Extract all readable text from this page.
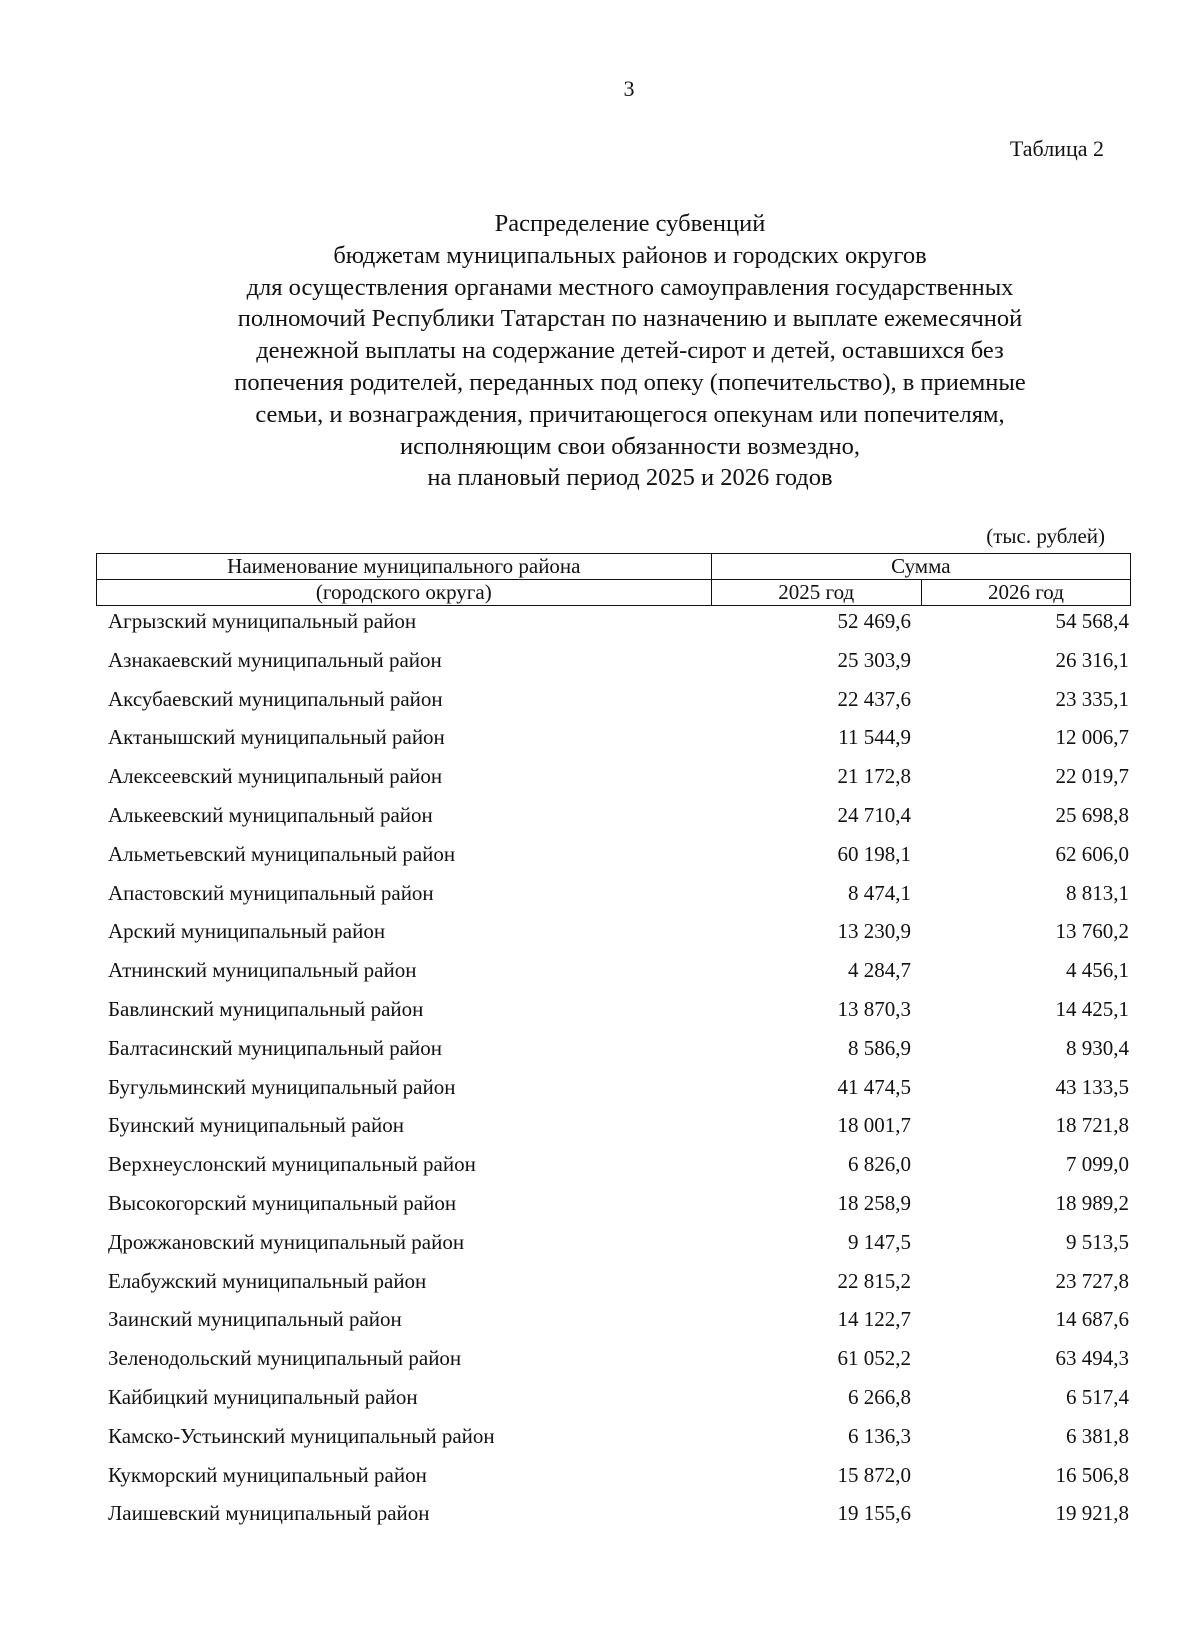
3
Таблица 2
Распределение субвенций
бюджетам муниципальных районов и городских округов
для осуществления органами местного самоуправления государственных
полномочий Республики Татарстан по назначению и выплате ежемесячной
денежной выплаты на содержание детей-сирот и детей, оставшихся без
попечения родителей, переданных под опеку (попечительство), в приемные
семьи, и вознаграждения, причитающегося опекунам или попечителям,
исполняющим свои обязанности возмездно,
на плановый период 2025 и 2026 годов
(тыс. рублей)
Наименование муниципального района	Сумма	
(городского округа)	2025 год	2026 год
Агрызский муниципальный район	52 469,6	54 568,4
Азнакаевский муниципальный район	25 303,9	26 316,1
Аксубаевский муниципальный район	22 437,6	23 335,1
Актанышский муниципальный район	11 544,9	12 006,7
Алексеевский муниципальный район	21 172,8	22 019,7
Алькеевский муниципальный район	24 710,4	25 698,8
Альметьевский муниципальный район	60 198,1	62 606,0
Апастовский муниципальный район	8 474,1	8 813,1
Арский муниципальный район	13 230,9	13 760,2
Атнинский муниципальный район	4 284,7	4 456,1
Бавлинский муниципальный район	13 870,3	14 425,1
Балтасинский муниципальный район	8 586,9	8 930,4
Бугульминский муниципальный район	41 474,5	43 133,5
Буинский муниципальный район	18 001,7	18 721,8
Верхнеуслонский муниципальный район	6 826,0	7 099,0
Высокогорский муниципальный район	18 258,9	18 989,2
Дрожжановский муниципальный район	9 147,5	9 513,5
Елабужский муниципальный район	22 815,2	23 727,8
Заинский муниципальный район	14 122,7	14 687,6
Зеленодольский муниципальный район	61 052,2	63 494,3
Кайбицкий муниципальный район	6 266,8	6 517,4
Камско-Устьинский муниципальный район	6 136,3	6 381,8
Кукморский муниципальный район	15 872,0	16 506,8
Лаишевский муниципальный район	19 155,6	19 921,8
